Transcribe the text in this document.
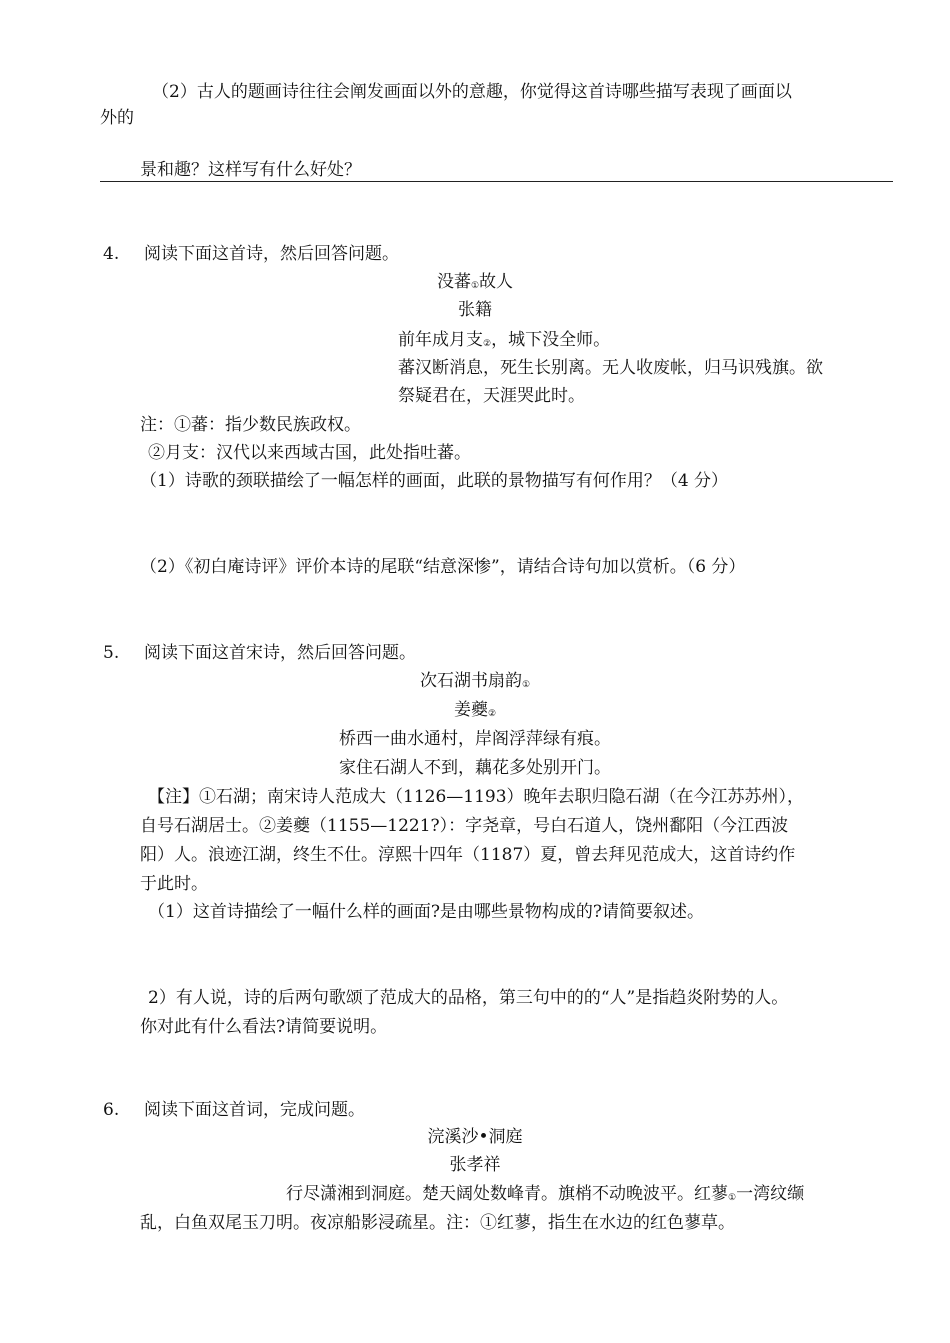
（2）古人的题画诗往往会阐发画面以外的意趣，你觉得这首诗哪些描写表现了画面以
外的
景和趣？这样写有什么好处？
4. 阅读下面这首诗，然后回答问题。
没蕃$_①$故人
张籍
前年成月支$_②$，城下没全师。
蕃汉断消息，死生长别离。无人收废帐，归马识残旗。欲
祭疑君在，天涯哭此时。
注：①蕃：指少数民族政权。
②月支：汉代以来西域古国，此处指吐蕃。
（1）诗歌的颈联描绘了一幅怎样的画面，此联的景物描写有何作用？（4 分）
（2）《初白庵诗评》评价本诗的尾联“结意深惨”，请结合诗句加以赏析。（6 分）
5. 阅读下面这首宋诗，然后回答问题。
次石湖书扇韵$_①$
姜夔$_②$
桥西一曲水通村，岸阁浮萍绿有痕。
家住石湖人不到，藕花多处别开门。
【注】①石湖；南宋诗人范成大（1126—1193）晚年去职归隐石湖（在今江苏苏州），
自号石湖居士。②姜夔（1155—1221?）：字尧章，号白石道人，饶州鄱阳（今江西波
阳）人。浪迹江湖，终生不仕。淳熙十四年（1187）夏，曾去拜见范成大，这首诗约作
于此时。
（1）这首诗描绘了一幅什么样的画面?是由哪些景物构成的?请简要叙述。
2）有人说，诗的后两句歌颂了范成大的品格，第三句中的的“人”是指趋炎附势的人。
你对此有什么看法?请简要说明。
6. 阅读下面这首词，完成问题。
浣溪沙•洞庭
张孝祥
行尽潇湘到洞庭。楚天阔处数峰青。旗梢不动晚波平。红蓼$_①$一湾纹缬
乱，白鱼双尾玉刀明。夜凉船影浸疏星。注：①红蓼，指生在水边的红色蓼草。
